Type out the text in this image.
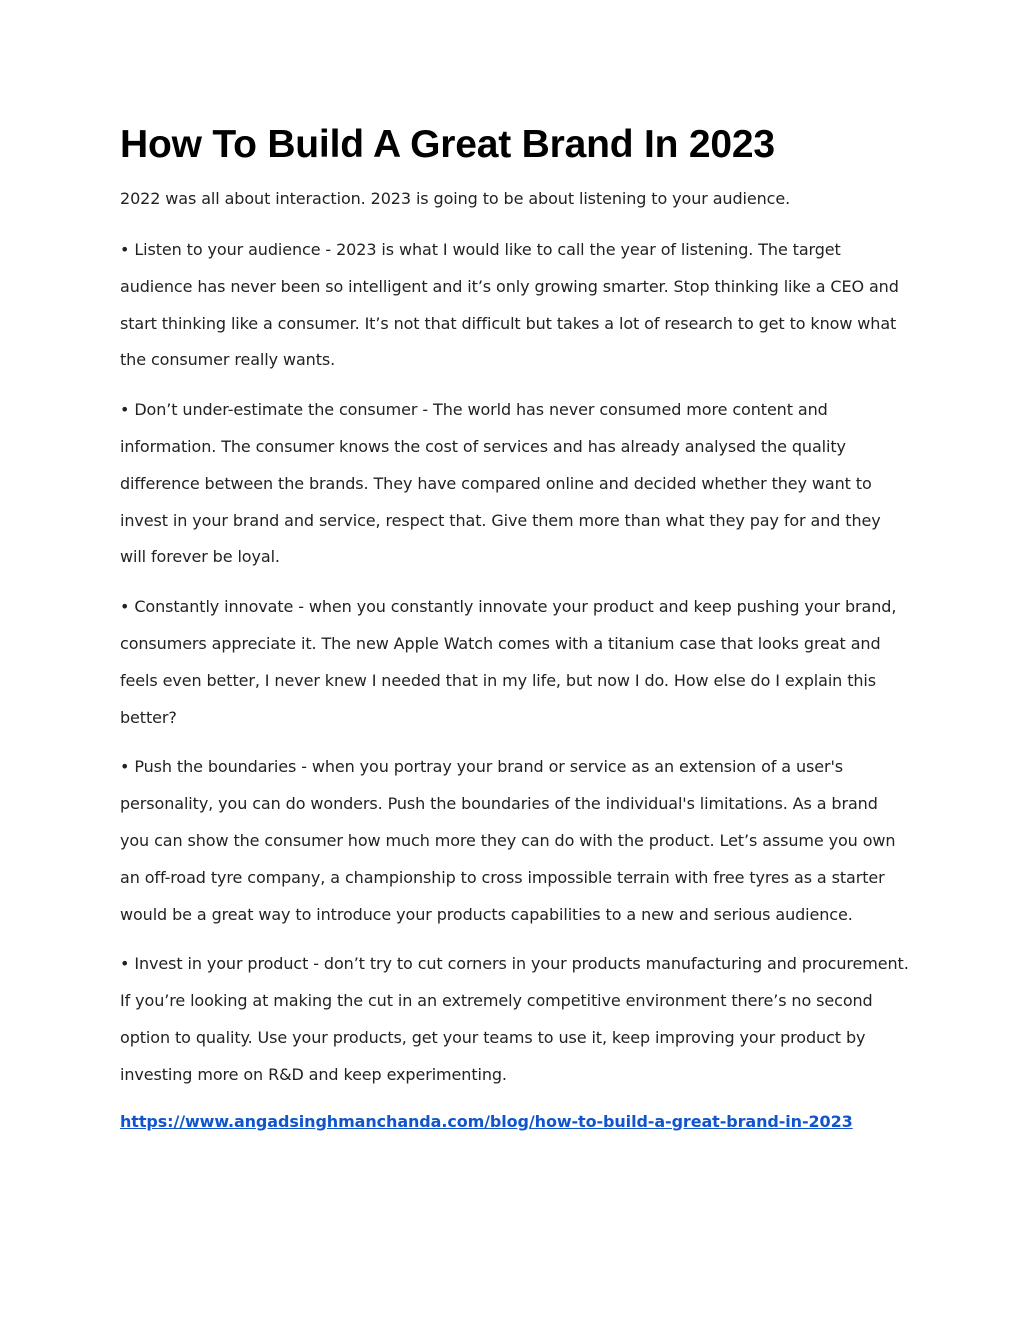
How To Build A Great Brand In 2023

2022 was all about interaction. 2023 is going to be about listening to your audience.

• Listen to your audience - 2023 is what I would like to call the year of listening. The target audience has never been so intelligent and it’s only growing smarter. Stop thinking like a CEO and start thinking like a consumer. It’s not that difficult but takes a lot of research to get to know what the consumer really wants.

• Don’t under-estimate the consumer - The world has never consumed more content and information. The consumer knows the cost of services and has already analysed the quality difference between the brands. They have compared online and decided whether they want to invest in your brand and service, respect that. Give them more than what they pay for and they will forever be loyal.

• Constantly innovate - when you constantly innovate your product and keep pushing your brand, consumers appreciate it. The new Apple Watch comes with a titanium case that looks great and feels even better, I never knew I needed that in my life, but now I do. How else do I explain this better?

• Push the boundaries - when you portray your brand or service as an extension of a user's personality, you can do wonders. Push the boundaries of the individual's limitations. As a brand you can show the consumer how much more they can do with the product. Let’s assume you own an off-road tyre company, a championship to cross impossible terrain with free tyres as a starter would be a great way to introduce your products capabilities to a new and serious audience.

• Invest in your product - don’t try to cut corners in your products manufacturing and procurement. If you’re looking at making the cut in an extremely competitive environment there’s no second option to quality. Use your products, get your teams to use it, keep improving your product by investing more on R&D and keep experimenting.

https://www.angadsinghmanchanda.com/blog/how-to-build-a-great-brand-in-2023
